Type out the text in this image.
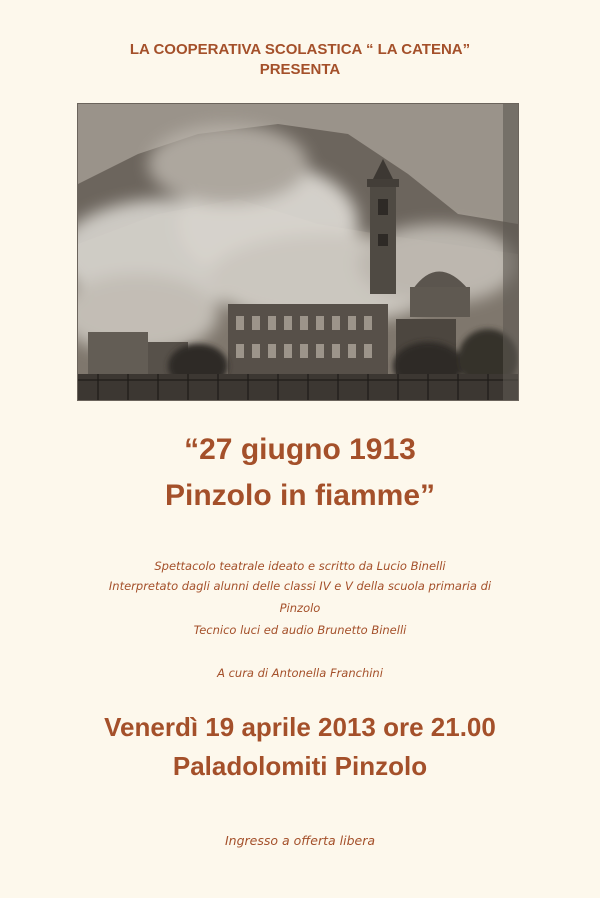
LA COOPERATIVA SCOLASTICA “ LA CATENA”
PRESENTA
“27 giugno 1913
Pinzolo in fiamme”
Spettacolo teatrale ideato e scritto da Lucio Binelli
Interpretato dagli alunni delle classi IV e V della scuola primaria di
Pinzolo
Tecnico luci ed audio Brunetto Binelli
A cura di Antonella Franchini
Venerdì 19 aprile 2013 ore 21.00
Paladolomiti Pinzolo
Ingresso a offerta libera
